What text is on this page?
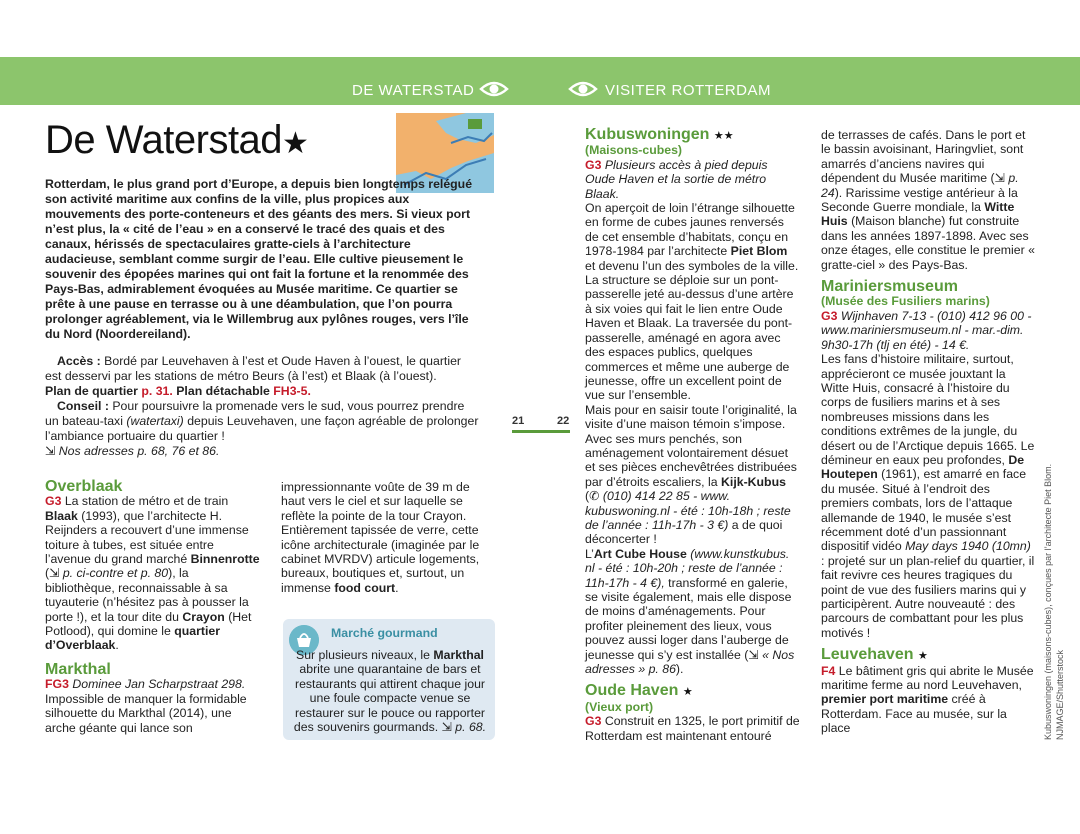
DE WATERSTAD	VISITER ROTTERDAM
De Waterstad★

Rotterdam, le plus grand port d’Europe, a depuis bien longtemps relégué son activité maritime aux confins de la ville, plus propices aux mouvements des porte-conteneurs et des géants des mers. Si vieux port n’est plus, la « cité de l’eau » en a conservé le tracé des quais et des canaux, hérissés de spectaculaires gratte-ciels à l’architecture audacieuse, semblant comme surgir de l’eau. Elle cultive pieusement le souvenir des épopées marines qui ont fait la fortune et la renommée des Pays-Bas, admirablement évoquées au Musée maritime. Ce quartier se prête à une pause en terrasse ou à une déambulation, que l’on pourra prolonger agréablement, via le Willembrug aux pylônes rouges, vers l’île du Nord (Noordereiland).

Accès : Bordé par Leuvehaven à l’est et Oude Haven à l’ouest, le quartier est desservi par les stations de métro Beurs (à l’est) et Blaak (à l’ouest).

Plan de quartier p. 31. Plan détachable FH3-5.

Conseil : Pour poursuivre la promenade vers le sud, vous pourrez prendre un bateau-taxi (watertaxi) depuis Leuvehaven, une façon agréable de prolonger l’ambiance portuaire du quartier !

⇲ Nos adresses p. 68, 76 et 86.

21	22
Overblaak

G3 La station de métro et de train Blaak (1993), que l’architecte H. Reijnders a recouvert d’une immense toiture à tubes, est située entre l’avenue du grand marché Binnenrotte (⇲ p. ci-contre et p. 80), la bibliothèque, reconnaissable à sa tuyauterie (n’hésitez pas à pousser la porte !), et la tour dite du Crayon (Het Potlood), qui domine le quartier d’Overblaak.

Markthal

FG3 Dominee Jan Scharpstraat 298. Impossible de manquer la formidable silhouette du Markthal (2014), une arche géante qui lance son

impressionnante voûte de 39 m de haut vers le ciel et sur laquelle se reflète la pointe de la tour Crayon. Entièrement tapissée de verre, cette icône architecturale (imaginée par le cabinet MVRDV) articule logements, bureaux, boutiques et, surtout, un immense food court.

Marché gourmand
Sur plusieurs niveaux, le Markthal abrite une quarantaine de bars et restaurants qui attirent chaque jour une foule compacte venue se restaurer sur le pouce ou rapporter des souvenirs gourmands. ⇲ p. 68.
Kubuswoningen ★★
(Maisons-cubes)

G3 Plusieurs accès à pied depuis Oude Haven et la sortie de métro Blaak.

On aperçoit de loin l’étrange silhouette en forme de cubes jaunes renversés de cet ensemble d’habitats, conçu en 1978-1984 par l’architecte Piet Blom et devenu l’un des symboles de la ville. La structure se déploie sur un pont-passerelle jeté au-dessus d’une artère à six voies qui fait le lien entre Oude Haven et Blaak. La traversée du pont-passerelle, aménagé en agora avec des espaces publics, quelques commerces et même une auberge de jeunesse, offre un excellent point de vue sur l’ensemble.

Mais pour en saisir toute l’originalité, la visite d’une maison témoin s’impose. Avec ses murs penchés, son aménagement volontairement désuet et ses pièces enchevêtrées distribuées par d’étroits escaliers, la Kijk-Kubus (✆ (010) 414 22 85 - www. kubuswoning.nl - été : 10h-18h ; reste de l’année : 11h-17h - 3 €) a de quoi déconcerter !

L’Art Cube House (www.kunstkubus. nl - été : 10h-20h ; reste de l’année : 11h-17h - 4 €), transformé en galerie, se visite également, mais elle dispose de moins d’aménagements. Pour profiter pleinement des lieux, vous pouvez aussi loger dans l’auberge de jeunesse qui s’y est installée (⇲ « Nos adresses » p. 86).

Oude Haven ★
(Vieux port)

G3 Construit en 1325, le port primitif de Rotterdam est maintenant entouré

de terrasses de cafés. Dans le port et le bassin avoisinant, Haringvliet, sont amarrés d’anciens navires qui dépendent du Musée maritime (⇲ p. 24). Rarissime vestige antérieur à la Seconde Guerre mondiale, la Witte Huis (Maison blanche) fut construite dans les années 1897-1898. Avec ses onze étages, elle constitue le premier « gratte-ciel » des Pays-Bas.

Mariniersmuseum
(Musée des Fusiliers marins)

G3 Wijnhaven 7-13 - (010) 412 96 00 - www.mariniersmuseum.nl - mar.-dim. 9h30-17h (tlj en été) - 14 €.

Les fans d’histoire militaire, surtout, apprécieront ce musée jouxtant la Witte Huis, consacré à l’histoire du corps de fusiliers marins et à ses nombreuses missions dans les conditions extrêmes de la jungle, du désert ou de l’Arctique depuis 1665. Le démineur en eaux peu profondes, De Houtepen (1961), est amarré en face du musée. Situé à l’endroit des premiers combats, lors de l’attaque allemande de 1940, le musée s’est récemment doté d’un passionnant dispositif vidéo May days 1940 (10mn) : projeté sur un plan-relief du quartier, il fait revivre ces heures tragiques du point de vue des fusiliers marins qui y participèrent. Autre nouveauté : des parcours de combattant pour les plus motivés !

Leuvehaven ★

F4 Le bâtiment gris qui abrite le Musée maritime ferme au nord Leuvehaven, premier port maritime créé à Rotterdam. Face au musée, sur la place	Kubuswoningen (maisons-cubes), conçues par l’architecte Piet Blom. NJMAGE/Shutterstock
